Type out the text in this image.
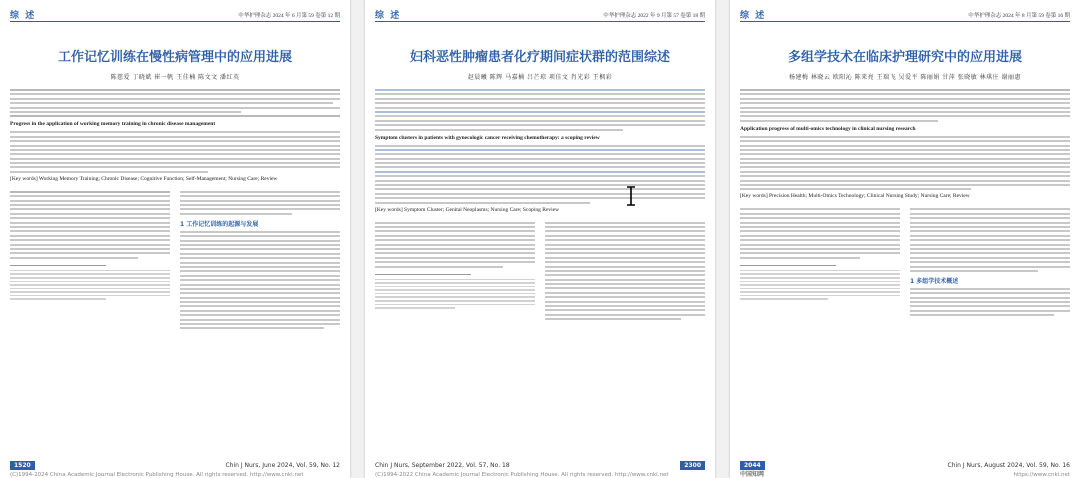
综 述	中华护理杂志 2024 年 6 月第 59 卷第 12 期
工作记忆训练在慢性病管理中的应用进展
陈慈爱 丁晓斌 崔一帆 王佳楠 陈文文 潘红英
Progress in the application of working memory training in chronic disease management
[Key words] Working Memory Training; Chronic Disease; Cognitive Function; Self-Management; Nursing Care; Review
1 工作记忆训练的起源与发展
1520	Chin J Nurs, June 2024, Vol. 59, No. 12
(C)1994-2024 China Academic Journal Electronic Publishing House. All rights reserved. http://www.cnki.net
综 述	中华护理杂志 2022 年 9 月第 57 卷第 18 期
妇科恶性肿瘤患者化疗期间症状群的范围综述
赵晨曦 陈辉 马嘉楠 吕芒琼 项佳文 肖光彩 王枫彩
Symptom clusters in patients with gynecologic cancer receiving chemotherapy: a scoping review
[Key words] Symptom Cluster; Genital Neoplasms; Nursing Care; Scoping Review
Chin J Nurs, September 2022, Vol. 57, No. 18	2300
(C)1994-2022 China Academic Journal Electronic Publishing House. All rights reserved. http://www.cnki.net
综 述	中华护理杂志 2024 年 8 月第 59 卷第 16 期
多组学技术在临床护理研究中的应用进展
杨建梅 林晓云 欧阳沁 陈来亮 王瑞飞 吴爱平 陈丽娟 甘萍 张晓敏 林琪庄 谢丽惠
Application progress of multi-omics technology in clinical nursing research
[Key words] Precision Health; Multi-Omics Technology; Clinical Nursing Study; Nursing Care; Review
1 多组学技术概述
2044	Chin J Nurs, August 2024, Vol. 59, No. 16
中国知网	https://www.cnki.net
